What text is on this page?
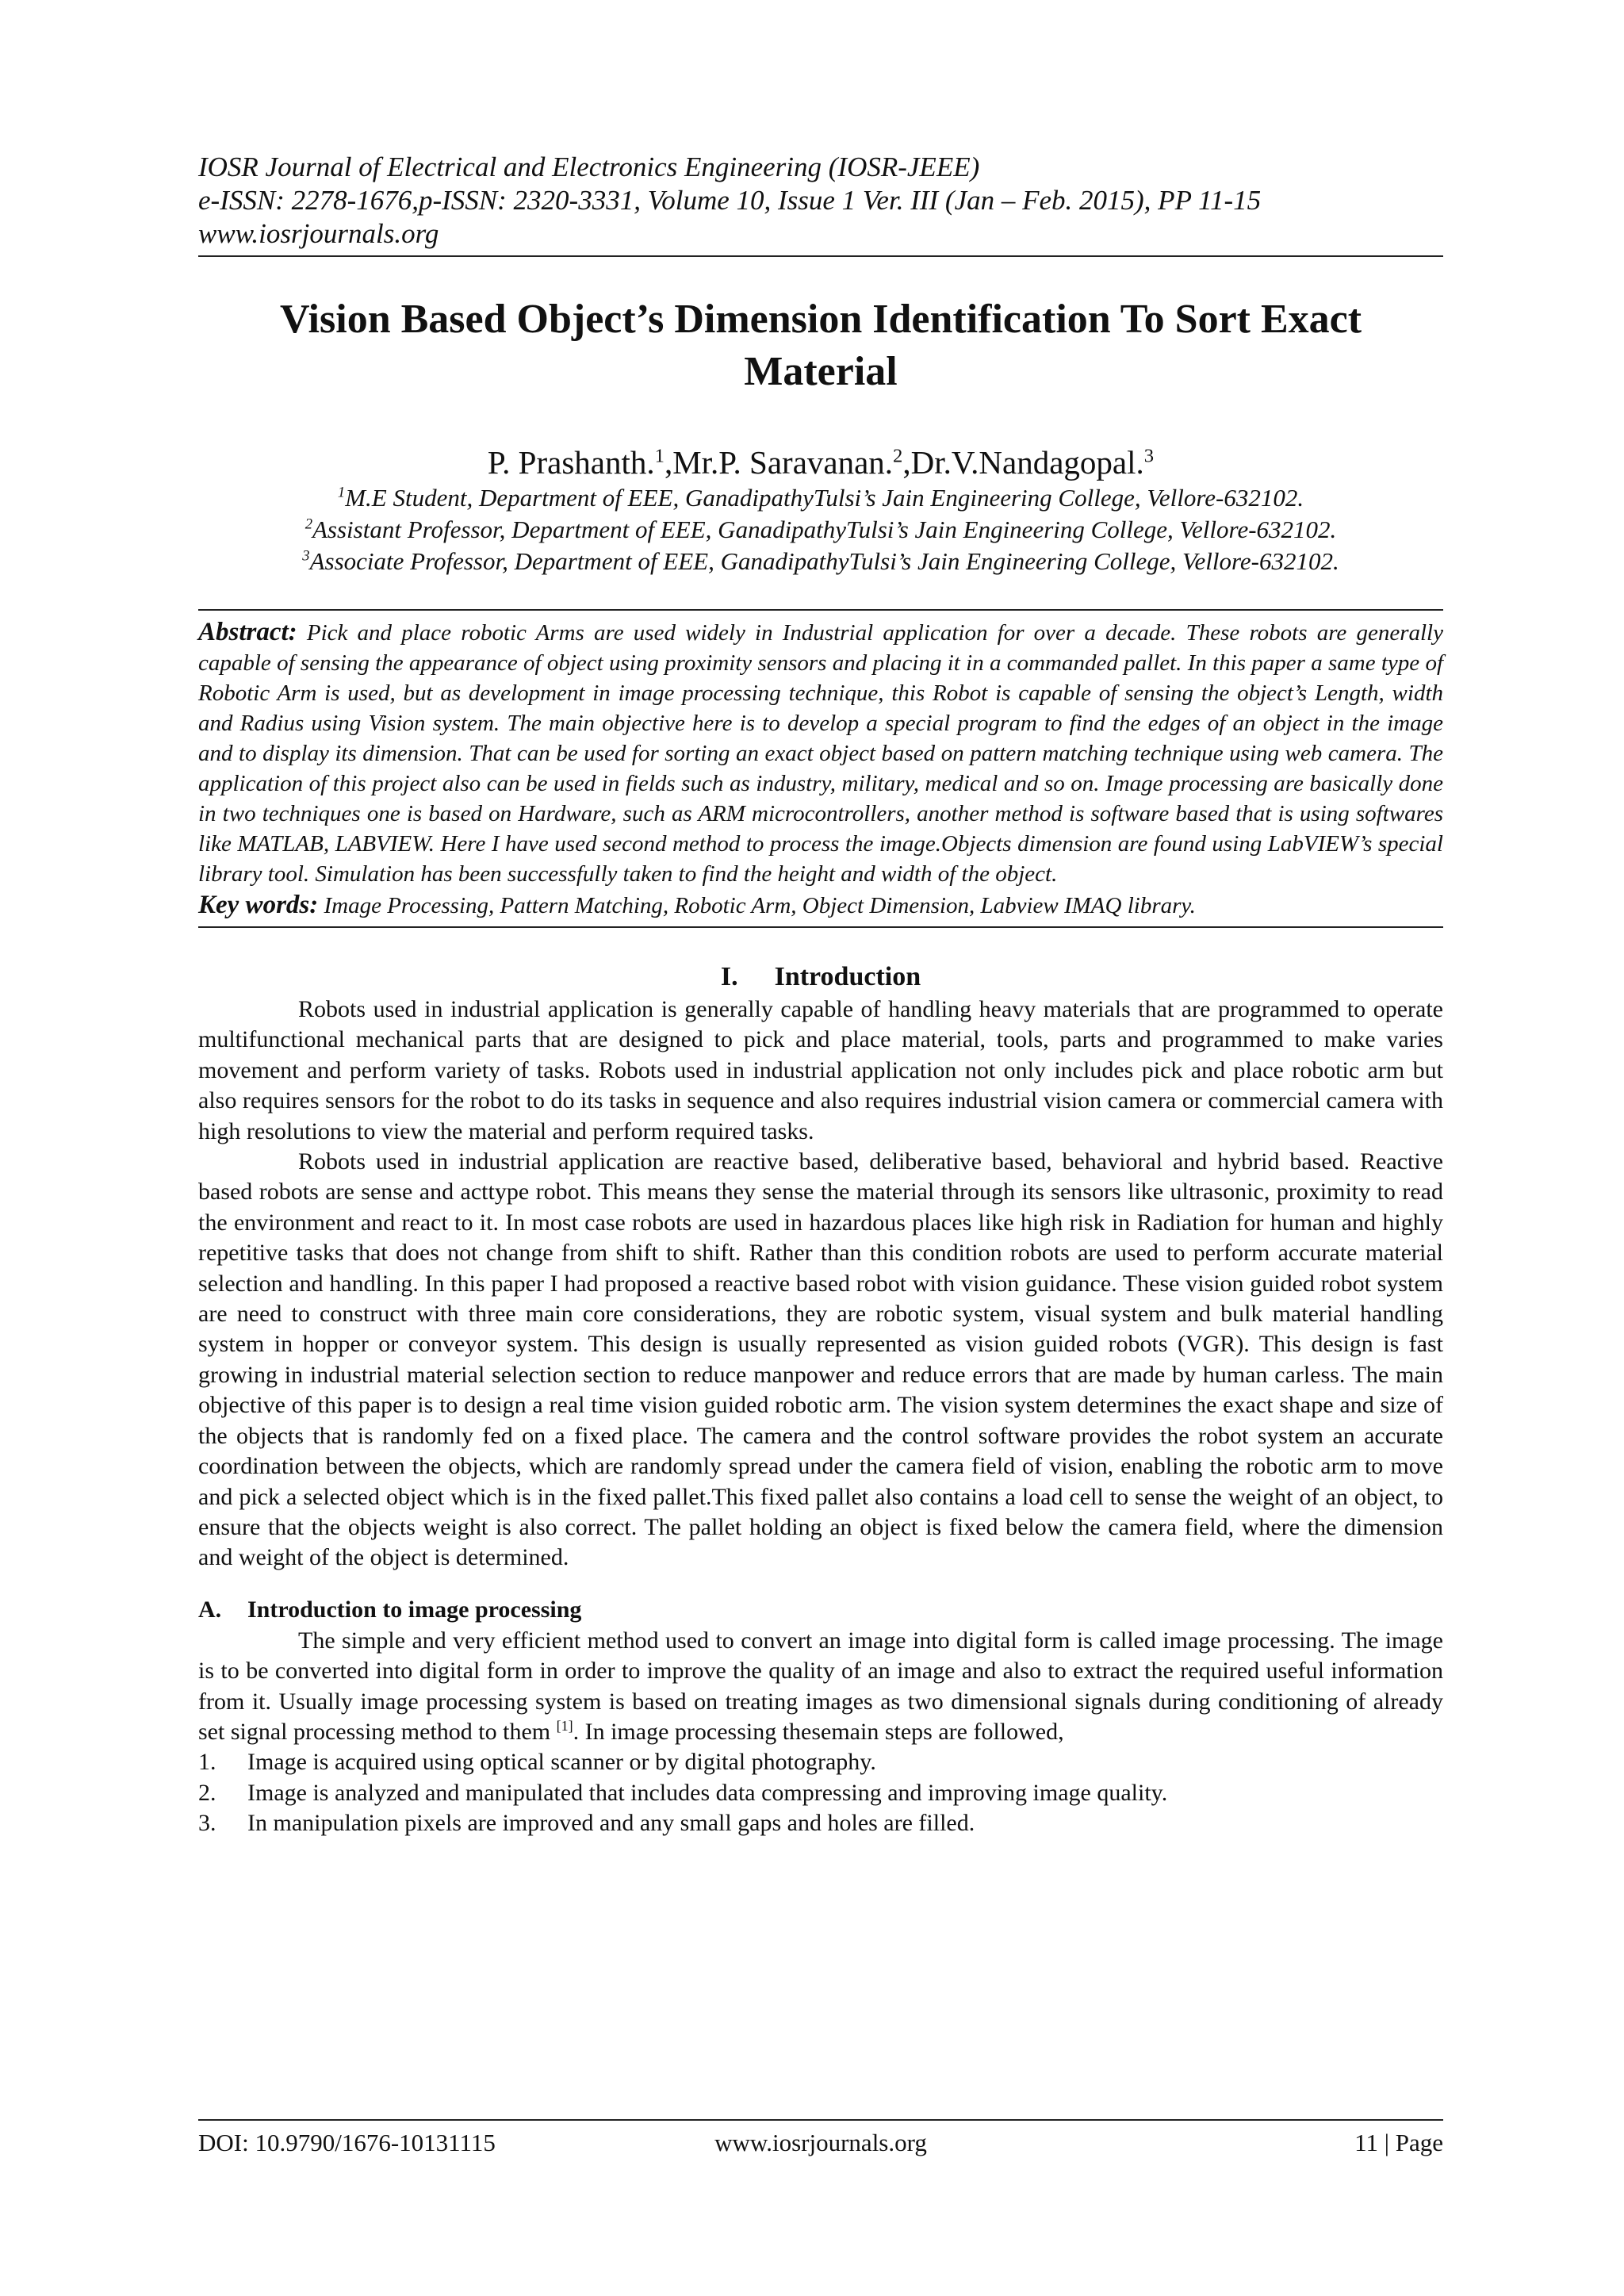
IOSR Journal of Electrical and Electronics Engineering (IOSR-JEEE)
e-ISSN: 2278-1676,p-ISSN: 2320-3331, Volume 10, Issue 1 Ver. III (Jan – Feb. 2015), PP 11-15
www.iosrjournals.org
Vision Based Object’s Dimension Identification To Sort Exact Material
P. Prashanth.$^1$,Mr.P. Saravanan.$^2$,Dr.V.Nandagopal.$^3$
$^1$M.E Student, Department of EEE, GanadipathyTulsi’s Jain Engineering College, Vellore-632102.
$^2$Assistant Professor, Department of EEE, GanadipathyTulsi’s Jain Engineering College, Vellore-632102.
$^3$Associate Professor, Department of EEE, GanadipathyTulsi’s Jain Engineering College, Vellore-632102.
Abstract: Pick and place robotic Arms are used widely in Industrial application for over a decade. These robots are generally capable of sensing the appearance of object using proximity sensors and placing it in a commanded pallet. In this paper a same type of Robotic Arm is used, but as development in image processing technique, this Robot is capable of sensing the object’s Length, width and Radius using Vision system. The main objective here is to develop a special program to find the edges of an object in the image and to display its dimension. That can be used for sorting an exact object based on pattern matching technique using web camera. The application of this project also can be used in fields such as industry, military, medical and so on. Image processing are basically done in two techniques one is based on Hardware, such as ARM microcontrollers, another method is software based that is using softwares like MATLAB, LABVIEW. Here I have used second method to process the image.Objects dimension are found using LabVIEW’s special library tool. Simulation has been successfully taken to find the height and width of the object.
Key words: Image Processing, Pattern Matching, Robotic Arm, Object Dimension, Labview IMAQ library.
I. Introduction

Robots used in industrial application is generally capable of handling heavy materials that are programmed to operate multifunctional mechanical parts that are designed to pick and place material, tools, parts and programmed to make varies movement and perform variety of tasks. Robots used in industrial application not only includes pick and place robotic arm but also requires sensors for the robot to do its tasks in sequence and also requires industrial vision camera or commercial camera with high resolutions to view the material and perform required tasks.

Robots used in industrial application are reactive based, deliberative based, behavioral and hybrid based. Reactive based robots are sense and acttype robot. This means they sense the material through its sensors like ultrasonic, proximity to read the environment and react to it. In most case robots are used in hazardous places like high risk in Radiation for human and highly repetitive tasks that does not change from shift to shift. Rather than this condition robots are used to perform accurate material selection and handling. In this paper I had proposed a reactive based robot with vision guidance. These vision guided robot system are need to construct with three main core considerations, they are robotic system, visual system and bulk material handling system in hopper or conveyor system. This design is usually represented as vision guided robots (VGR). This design is fast growing in industrial material selection section to reduce manpower and reduce errors that are made by human carless. The main objective of this paper is to design a real time vision guided robotic arm. The vision system determines the exact shape and size of the objects that is randomly fed on a fixed place. The camera and the control software provides the robot system an accurate coordination between the objects, which are randomly spread under the camera field of vision, enabling the robotic arm to move and pick a selected object which is in the fixed pallet.This fixed pallet also contains a load cell to sense the weight of an object, to ensure that the objects weight is also correct. The pallet holding an object is fixed below the camera field, where the dimension and weight of the object is determined.

A. Introduction to image processing

The simple and very efficient method used to convert an image into digital form is called image processing. The image is to be converted into digital form in order to improve the quality of an image and also to extract the required useful information from it. Usually image processing system is based on treating images as two dimensional signals during conditioning of already set signal processing method to them [1]. In image processing thesemain steps are followed,

1. Image is acquired using optical scanner or by digital photography.
2. Image is analyzed and manipulated that includes data compressing and improving image quality.
3. In manipulation pixels are improved and any small gaps and holes are filled.
DOI: 10.9790/1676-10131115	www.iosrjournals.org	11 | Page
